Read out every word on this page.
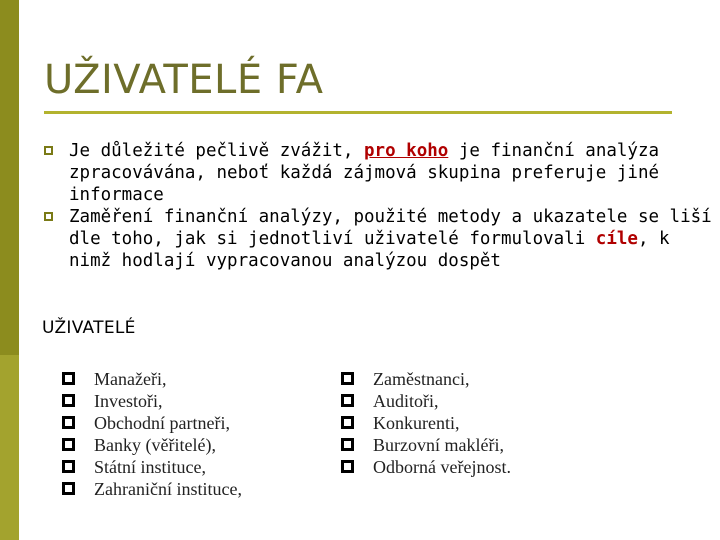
UŽIVATELÉ FA
Je důležité pečlivě zvážit, pro koho je finanční analýza zpracovávána, neboť každá zájmová skupina preferuje jiné informace
Zaměření finanční analýzy, použité metody a ukazatele se liší dle toho, jak si jednotliví uživatelé formulovali cíle, k nimž hodlají vypracovanou analýzou dospět
UŽIVATELÉ
Manažeři,
Investoři,
Obchodní partneři,
Banky (věřitelé),
Státní instituce,
Zahraniční instituce,
Zaměstnanci,
Auditoři,
Konkurenti,
Burzovní makléři,
Odborná veřejnost.
